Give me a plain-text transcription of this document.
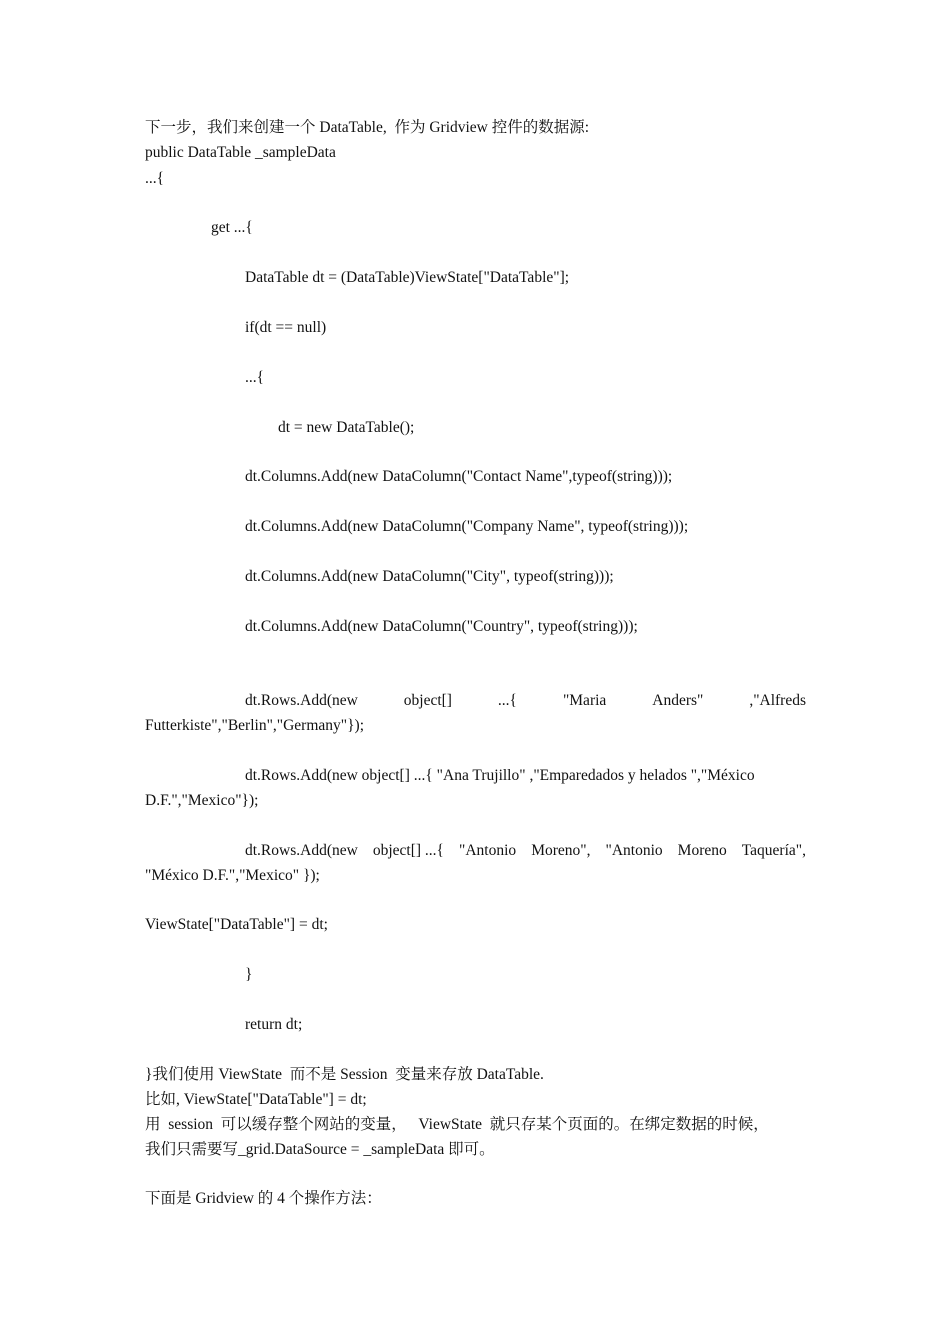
下一步，我们来创建一个 DataTable,  作为 Gridview 控件的数据源:

public DataTable _sampleData

...{

get ...{

DataTable dt = (DataTable)ViewState["DataTable"];

if(dt == null)

...{

dt = new DataTable();

dt.Columns.Add(new DataColumn("Contact Name",typeof(string)));

dt.Columns.Add(new DataColumn("Company Name", typeof(string)));

dt.Columns.Add(new DataColumn("City", typeof(string)));

dt.Columns.Add(new DataColumn("Country", typeof(string)));

dt.Rows.Add(new	object[]	...{	"Maria	Anders"	,"Alfreds

Futterkiste","Berlin","Germany"});

dt.Rows.Add(new object[] ...{ "Ana Trujillo" ,"Emparedados y helados ","México

D.F.","Mexico"});

dt.Rows.Add(new object[] ...{ "Antonio Moreno", "Antonio Moreno Taquería",

"México D.F.","Mexico" });

ViewState["DataTable"] = dt;

}

return dt;

}我们使用 ViewState  而不是 Session  变量来存放 DataTable.

比如, ViewState["DataTable"] = dt;

用  session  可以缓存整个网站的变量，   ViewState  就只存某个页面的。在绑定数据的时候，

我们只需要写_grid.DataSource = _sampleData 即可。

下面是 Gridview 的 4 个操作方法：
